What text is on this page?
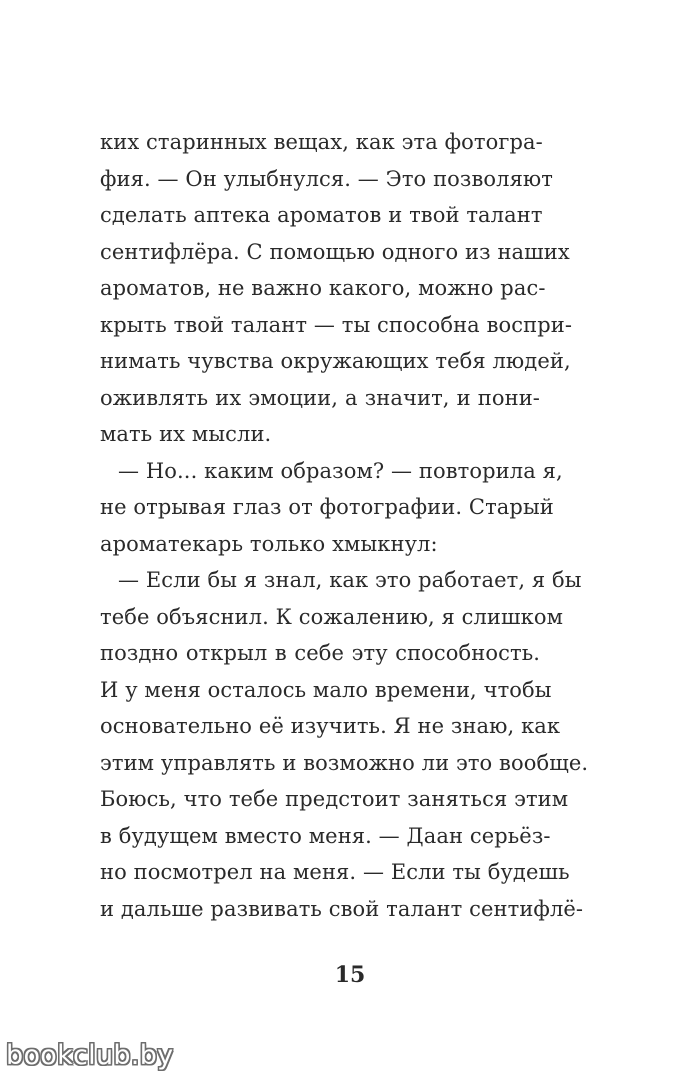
ких старинных вещах, как эта фотогра-
фия. — Он улыбнулся. — Это позволяют
сделать аптека ароматов и твой талант
сентифлёра. С помощью одного из наших
ароматов, не важно какого, можно рас-
крыть твой талант — ты способна воспри-
нимать чувства окружающих тебя людей,
оживлять их эмоции, а значит, и пони-
мать их мысли.
— Но... каким образом? — повторила я,
не отрывая глаз от фотографии. Старый
ароматекарь только хмыкнул:
— Если бы я знал, как это работает, я бы
тебе объяснил. К сожалению, я слишком
поздно открыл в себе эту способность.
И у меня осталось мало времени, чтобы
основательно её изучить. Я не знаю, как
этим управлять и возможно ли это вообще.
Боюсь, что тебе предстоит заняться этим
в будущем вместо меня. — Даан серьёз-
но посмотрел на меня. — Если ты будешь
и дальше развивать свой талант сентифлё-
15
bookclub.by
